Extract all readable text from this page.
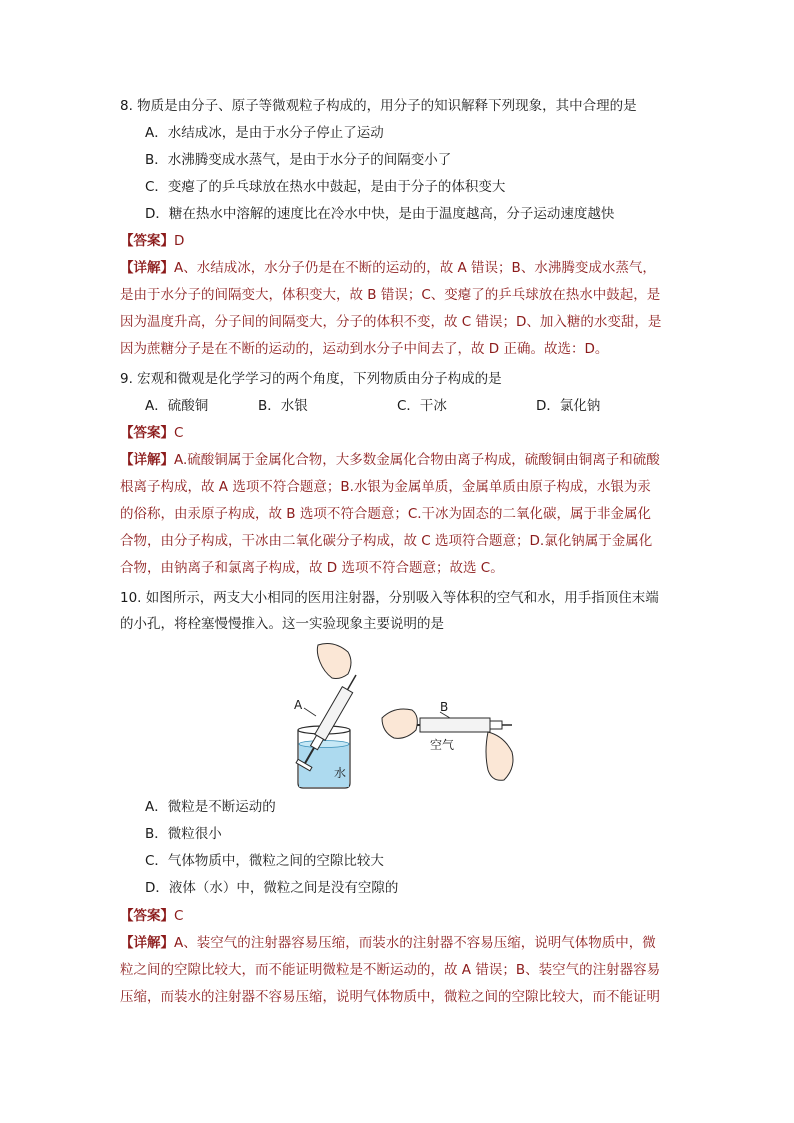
8. 物质是由分子、原子等微观粒子构成的，用分子的知识解释下列现象，其中合理的是
A．水结成冰，是由于水分子停止了运动
B．水沸腾变成水蒸气，是由于水分子的间隔变小了
C．变瘪了的乒乓球放在热水中鼓起，是由于分子的体积变大
D．糖在热水中溶解的速度比在冷水中快，是由于温度越高，分子运动速度越快
【答案】D
【详解】A、水结成冰，水分子仍是在不断的运动的，故 A 错误；B、水沸腾变成水蒸气，
是由于水分子的间隔变大，体积变大，故 B 错误；C、变瘪了的乒乓球放在热水中鼓起，是
因为温度升高，分子间的间隔变大，分子的体积不变，故 C 错误；D、加入糖的水变甜，是
因为蔗糖分子是在不断的运动的，运动到水分子中间去了，故 D 正确。故选：D。
9. 宏观和微观是化学学习的两个角度，下列物质由分子构成的是
A．硫酸铜	B．水银	C．干冰	D．氯化钠
【答案】C
【详解】A.硫酸铜属于金属化合物，大多数金属化合物由离子构成，硫酸铜由铜离子和硫酸
根离子构成，故 A 选项不符合题意；B.水银为金属单质，金属单质由原子构成，水银为汞
的俗称，由汞原子构成，故 B 选项不符合题意；C.干冰为固态的二氧化碳，属于非金属化
合物，由分子构成，干冰由二氧化碳分子构成，故 C 选项符合题意；D.氯化钠属于金属化
合物，由钠离子和氯离子构成，故 D 选项不符合题意；故选 C。
10. 如图所示，两支大小相同的医用注射器，分别吸入等体积的空气和水，用手指顶住末端
的小孔，将栓塞慢慢推入。这一实验现象主要说明的是
A
水
B
空气
A．微粒是不断运动的
B．微粒很小
C．气体物质中，微粒之间的空隙比较大
D．液体（水）中，微粒之间是没有空隙的
【答案】C
【详解】A、装空气的注射器容易压缩，而装水的注射器不容易压缩，说明气体物质中，微
粒之间的空隙比较大，而不能证明微粒是不断运动的，故 A 错误；B、装空气的注射器容易
压缩，而装水的注射器不容易压缩，说明气体物质中，微粒之间的空隙比较大，而不能证明
